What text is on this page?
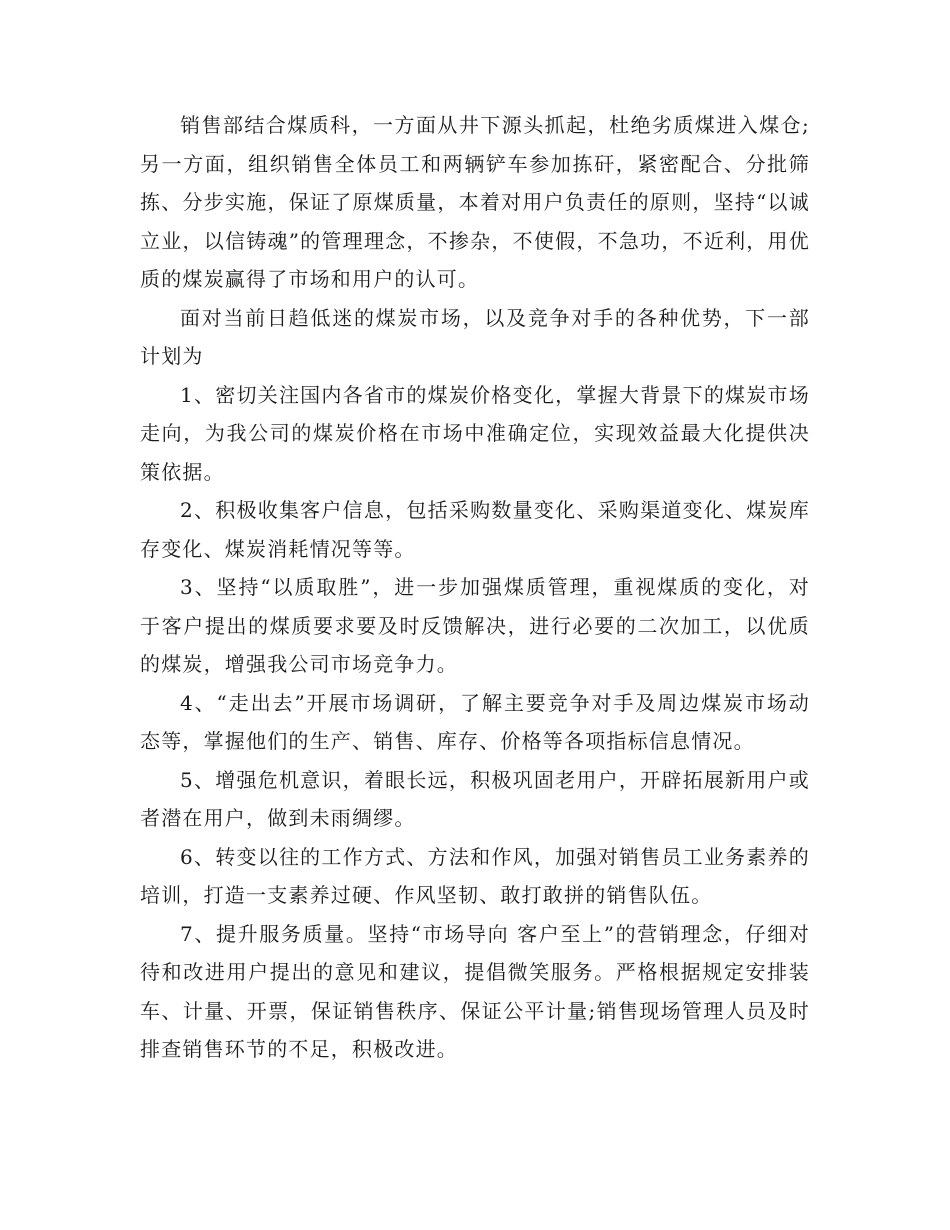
销售部结合煤质科，一方面从井下源头抓起，杜绝劣质煤进入煤仓;另一方面，组织销售全体员工和两辆铲车参加拣矸，紧密配合、分批筛拣、分步实施，保证了原煤质量，本着对用户负责任的原则，坚持“以诚立业，以信铸魂”的管理理念，不掺杂，不使假，不急功，不近利，用优质的煤炭赢得了市场和用户的认可。

面对当前日趋低迷的煤炭市场，以及竞争对手的各种优势，下一部计划为

1、密切关注国内各省市的煤炭价格变化，掌握大背景下的煤炭市场走向，为我公司的煤炭价格在市场中准确定位，实现效益最大化提供决策依据。

2、积极收集客户信息，包括采购数量变化、采购渠道变化、煤炭库存变化、煤炭消耗情况等等。

3、坚持“以质取胜”，进一步加强煤质管理，重视煤质的变化，对于客户提出的煤质要求要及时反馈解决，进行必要的二次加工，以优质的煤炭，增强我公司市场竞争力。

4、“走出去”开展市场调研，了解主要竞争对手及周边煤炭市场动态等，掌握他们的生产、销售、库存、价格等各项指标信息情况。

5、增强危机意识，着眼长远，积极巩固老用户，开辟拓展新用户或者潜在用户，做到未雨绸缪。

6、转变以往的工作方式、方法和作风，加强对销售员工业务素养的培训，打造一支素养过硬、作风坚韧、敢打敢拼的销售队伍。

7、提升服务质量。坚持“市场导向 客户至上”的营销理念，仔细对待和改进用户提出的意见和建议，提倡微笑服务。严格根据规定安排装车、计量、开票，保证销售秩序、保证公平计量;销售现场管理人员及时排查销售环节的不足，积极改进。
